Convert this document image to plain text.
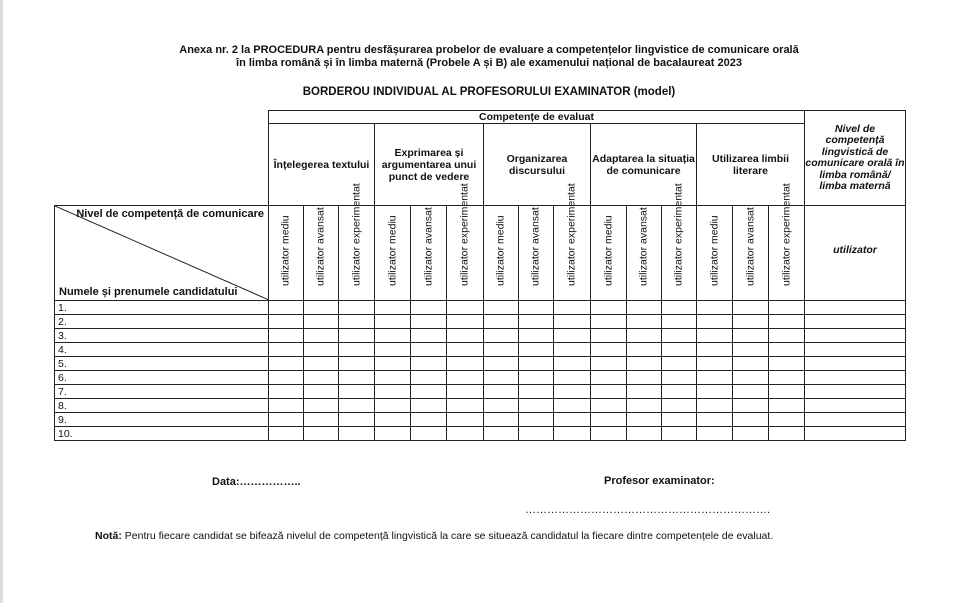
Anexa nr. 2 la PROCEDURA pentru desfășurarea probelor de evaluare a competențelor lingvistice de comunicare orală
în limba română și în limba maternă (Probele A și B) ale examenului național de bacalaureat 2023
BORDEROU INDIVIDUAL AL PROFESORULUI EXAMINATOR (model)
	Competențe de evaluat															Nivel de competență lingvistică de comunicare orală în limba română/ limba maternă
	Înțelegerea textului			Exprimarea și argumentarea unui punct de vedere			Organizarea discursului			Adaptarea la situația de comunicare			Utilizarea limbii literare			

Nivel de competență de comunicare
Numele și prenumele candidatului	utilizator mediu	utilizator avansat	utilizator experimentat	utilizator mediu	utilizator avansat	utilizator experimentat	utilizator mediu	utilizator avansat	utilizator experimentat	utilizator mediu	utilizator avansat	utilizator experimentat	utilizator mediu	utilizator avansat	utilizator experimentat	utilizator
1.																
2.																
3.																
4.																
5.																
6.																
7.																
8.																
9.																
10.																
Data:……………..	Profesor examinator:
………………………………………………………….
Notă: Pentru fiecare candidat se bifează nivelul de competență lingvistică la care se situează candidatul la fiecare dintre competențele de evaluat.
